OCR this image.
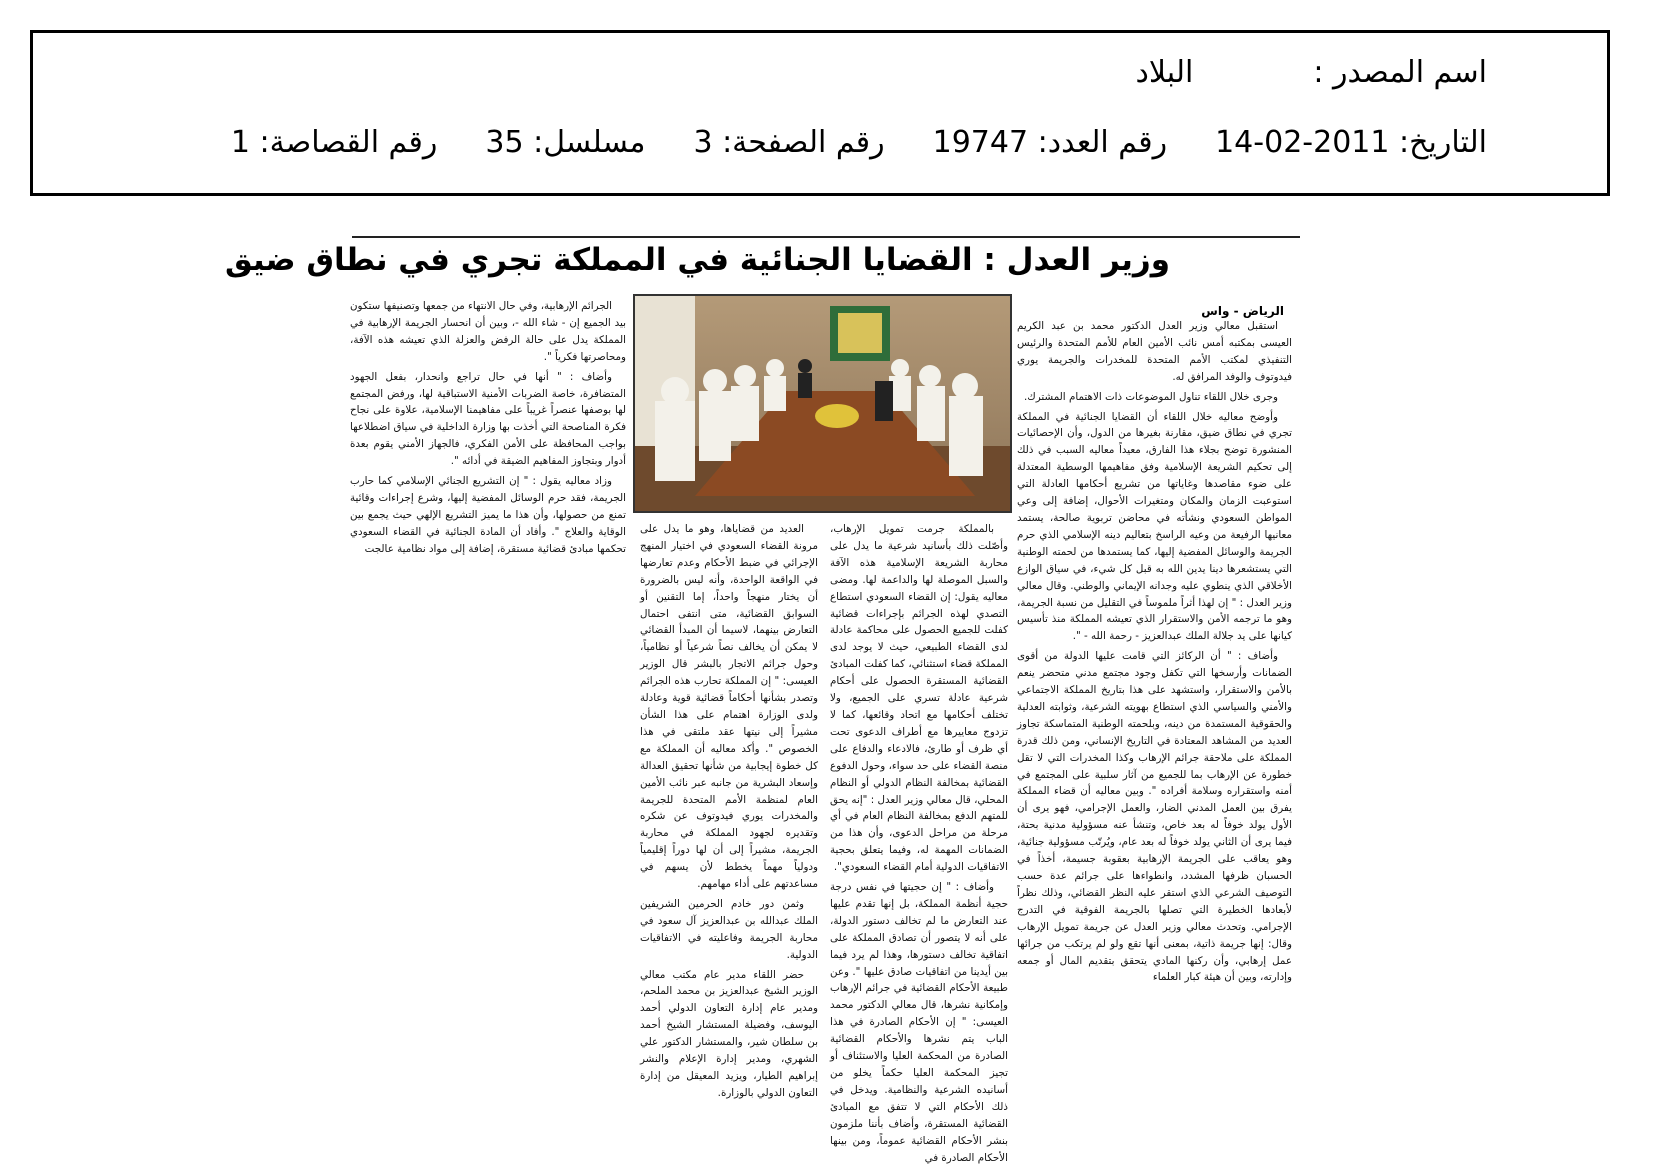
اسم المصدر :البلاد
التاريخ: 2011-02-14رقم العدد: 19747رقم الصفحة: 3مسلسل: 35رقم القصاصة: 1
وزير العدل : القضايا الجنائية في المملكة تجري في نطاق ضيق
الرياض - واس

استقبل معالي وزير العدل الدكتور محمد بن عبد الكريم العيسى بمكتبه أمس نائب الأمين العام للأمم المتحدة والرئيس التنفيذي لمكتب الأمم المتحدة للمخدرات والجريمة يوري فيدوتوف والوفد المرافق له.

وجرى خلال اللقاء تناول الموضوعات ذات الاهتمام المشترك.

وأوضح معاليه خلال اللقاء أن القضايا الجنائية في المملكة تجري في نطاق ضيق، مقارنة بغيرها من الدول، وأن الإحصائيات المنشورة توضح بجلاء هذا الفارق، معيداً معاليه السبب في ذلك إلى تحكيم الشريعة الإسلامية وفق مفاهيمها الوسطية المعتدلة على ضوء مقاصدها وغاياتها من تشريع أحكامها العادلة التي استوعبت الزمان والمكان ومتغيرات الأحوال، إضافة إلى وعي المواطن السعودي ونشأته في محاضن تربوية صالحة، يستمد معانيها الرفيعة من وعيه الراسخ بتعاليم دينه الإسلامي الذي حرم الجريمة والوسائل المفضية إليها، كما يستمدها من لحمته الوطنية التي يستشعرها دينا يدين الله به قبل كل شيء، في سياق الوازع الأخلاقي الذي ينطوي عليه وجدانه الإيماني والوطني. وقال معالي وزير العدل : " إن لهذا أثراً ملموساً في التقليل من نسبة الجريمة، وهو ما ترجمه الأمن والاستقرار الذي تعيشه المملكة منذ تأسيس كيانها على يد جلالة الملك عبدالعزيز - رحمة الله - ".

وأضاف : " أن الركائز التي قامت عليها الدولة من أقوى الضمانات وأرسخها التي تكفل وجود مجتمع مدني متحضر ينعم بالأمن والاستقرار، واستشهد على هذا بتاريخ المملكة الاجتماعي والأمني والسياسي الذي استطاع بهويته الشرعية، وثوابته العدلية والحقوقية المستمدة من دينه، وبلحمته الوطنية المتماسكة تجاوز العديد من المشاهد المعتادة في التاريخ الإنساني، ومن ذلك قدرة المملكة على ملاحقة جرائم الإرهاب وكذا المخدرات التي لا تقل خطورة عن الإرهاب بما للجميع من آثار سلبية على المجتمع في أمنه واستقراره وسلامة أفراده ". وبين معاليه أن قضاء المملكة يفرق بين العمل المدني الضار، والعمل الإجرامي، فهو يرى أن الأول يولد خوفاً له بعد خاص، وتنشأ عنه مسؤولية مدنية بحتة، فيما يرى أن الثاني يولد خوفاً له بعد عام، ويُرتّب مسؤولية جنائية، وهو يعاقب على الجريمة الإرهابية بعقوبة جسيمة، أخذاً في الحسبان ظرفها المشدد، وانطواءها على جرائم عدة حسب التوصيف الشرعي الذي استقر عليه النظر القضائي، وذلك نظراً لأبعادها الخطيرة التي تصلها بالجريمة الفوقية في التدرج الإجرامي. وتحدث معالي وزير العدل عن جريمة تمويل الإرهاب وقال: إنها جريمة ذاتية، بمعنى أنها تقع ولو لم يرتكب من جرائها عمل إرهابي، وأن ركنها المادي يتحقق بتقديم المال أو جمعه وإدارته، وبين أن هيئة كبار العلماء

بالمملكة جرمت تمويل الإرهاب، وأصّلت ذلك بأسانيد شرعية ما يدل على محاربة الشريعة الإسلامية هذه الآفة والسبل الموصلة لها والداعمة لها. ومضى معاليه يقول: إن القضاء السعودي استطاع التصدي لهذه الجرائم بإجراءات قضائية كفلت للجميع الحصول على محاكمة عادلة لدى القضاء الطبيعي، حيث لا يوجد لدى المملكة قضاء استثنائي، كما كفلت المبادئ القضائية المستقرة الحصول على أحكام شرعية عادلة تسري على الجميع، ولا تختلف أحكامها مع اتحاد وقائعها، كما لا تزدوج معاييرها مع أطراف الدعوى تحت أي ظرف أو طارئ، فالادعاء والدفاع على منصة القضاء على حد سواء، وحول الدفوع القضائية بمخالفة النظام الدولي أو النظام المحلي، قال معالي وزير العدل : "إنه يحق للمتهم الدفع بمخالفة النظام العام في أي مرحلة من مراحل الدعوى، وأن هذا من الضمانات المهمة له، وفيما يتعلق بحجية الاتفاقيات الدولية أمام القضاء السعودي".

وأضاف : " إن حجيتها في نفس درجة حجية أنظمة المملكة، بل إنها تقدم عليها عند التعارض ما لم تخالف دستور الدولة، على أنه لا يتصور أن تصادق المملكة على اتفاقية تخالف دستورها، وهذا لم يرد فيما بين أيدينا من اتفاقيات صادق عليها ". وعن طبيعة الأحكام القضائية في جرائم الإرهاب وإمكانية نشرها، قال معالي الدكتور محمد العيسى: " إن الأحكام الصادرة في هذا الباب يتم نشرها والأحكام القضائية الصادرة من المحكمة العليا والاستئناف أو تجيز المحكمة العليا حكماً يخلو من أسانيده الشرعية والنظامية. ويدخل في ذلك الأحكام التي لا تتفق مع المبادئ القضائية المستقرة، وأضاف بأننا ملزمون بنشر الأحكام القضائية عموماً، ومن بينها الأحكام الصادرة في

العديد من قضاياها، وهو ما يدل على مرونة القضاء السعودي في اختيار المنهج الإجرائي في ضبط الأحكام وعدم تعارضها في الواقعة الواحدة، وأنه ليس بالضرورة أن يختار منهجاً واحداً، إما التقنين أو السوابق القضائية، متى انتفى احتمال التعارض بينهما، لاسيما أن المبدأ القضائي لا يمكن أن يخالف نصاً شرعياً أو نظامياً، وحول جرائم الاتجار بالبشر قال الوزير العيسى: " إن المملكة تحارب هذه الجرائم وتصدر بشأنها أحكاماً قضائية قوية وعادلة ولدى الوزارة اهتمام على هذا الشأن مشيراً إلى نيتها عقد ملتقى في هذا الخصوص ". وأكد معاليه أن المملكة مع كل خطوة إيجابية من شأنها تحقيق العدالة وإسعاد البشرية من جانبه عبر نائب الأمين العام لمنظمة الأمم المتحدة للجريمة والمخدرات يوري فيدوتوف عن شكره وتقديره لجهود المملكة في محاربة الجريمة، مشيراً إلى أن لها دوراً إقليمياً ودولياً مهماً يخطط لأن يسهم في مساعدتهم على أداء مهامهم.

وثمن دور خادم الحرمين الشريفين الملك عبدالله بن عبدالعزيز آل سعود في محاربة الجريمة وفاعليته في الاتفاقيات الدولية.

حضر اللقاء مدير عام مكتب معالي الوزير الشيخ عبدالعزيز بن محمد الملحم، ومدير عام إدارة التعاون الدولي أحمد اليوسف، وفضيلة المستشار الشيخ أحمد بن سلطان شير، والمستشار الدكتور علي الشهري، ومدير إدارة الإعلام والنشر إبراهيم الطيار، ويزيد المعيقل من إدارة التعاون الدولي بالوزارة.

الجرائم الإرهابية، وفي حال الانتهاء من جمعها وتصنيفها ستكون بيد الجميع إن - شاء الله -، وبين أن انحسار الجريمة الإرهابية في المملكة يدل على حالة الرفض والعزلة الذي تعيشه هذه الآفة، ومحاصرتها فكرياً ".

وأضاف : " أنها في حال تراجع وانحدار، بفعل الجهود المتضافرة، خاصة الضربات الأمنية الاستباقية لها، ورفض المجتمع لها بوصفها عنصراً غريباً على مفاهيمنا الإسلامية، علاوة على نجاح فكرة المناصحة التي أخذت بها وزارة الداخلية في سياق اضطلاعها بواجب المحافظة على الأمن الفكري، فالجهاز الأمني يقوم بعدة أدوار وبتجاوز المفاهيم الضيقة في أدائه ".

وزاد معاليه يقول : " إن التشريع الجنائي الإسلامي كما حارب الجريمة، فقد حرم الوسائل المفضية إليها، وشرع إجراءات وقائية تمنع من حصولها، وأن هذا ما يميز التشريع الإلهي حيث يجمع بين الوقاية والعلاج ". وأفاد أن المادة الجنائية في القضاء السعودي تحكمها مبادئ قضائية مستقرة، إضافة إلى مواد نظامية عالجت
